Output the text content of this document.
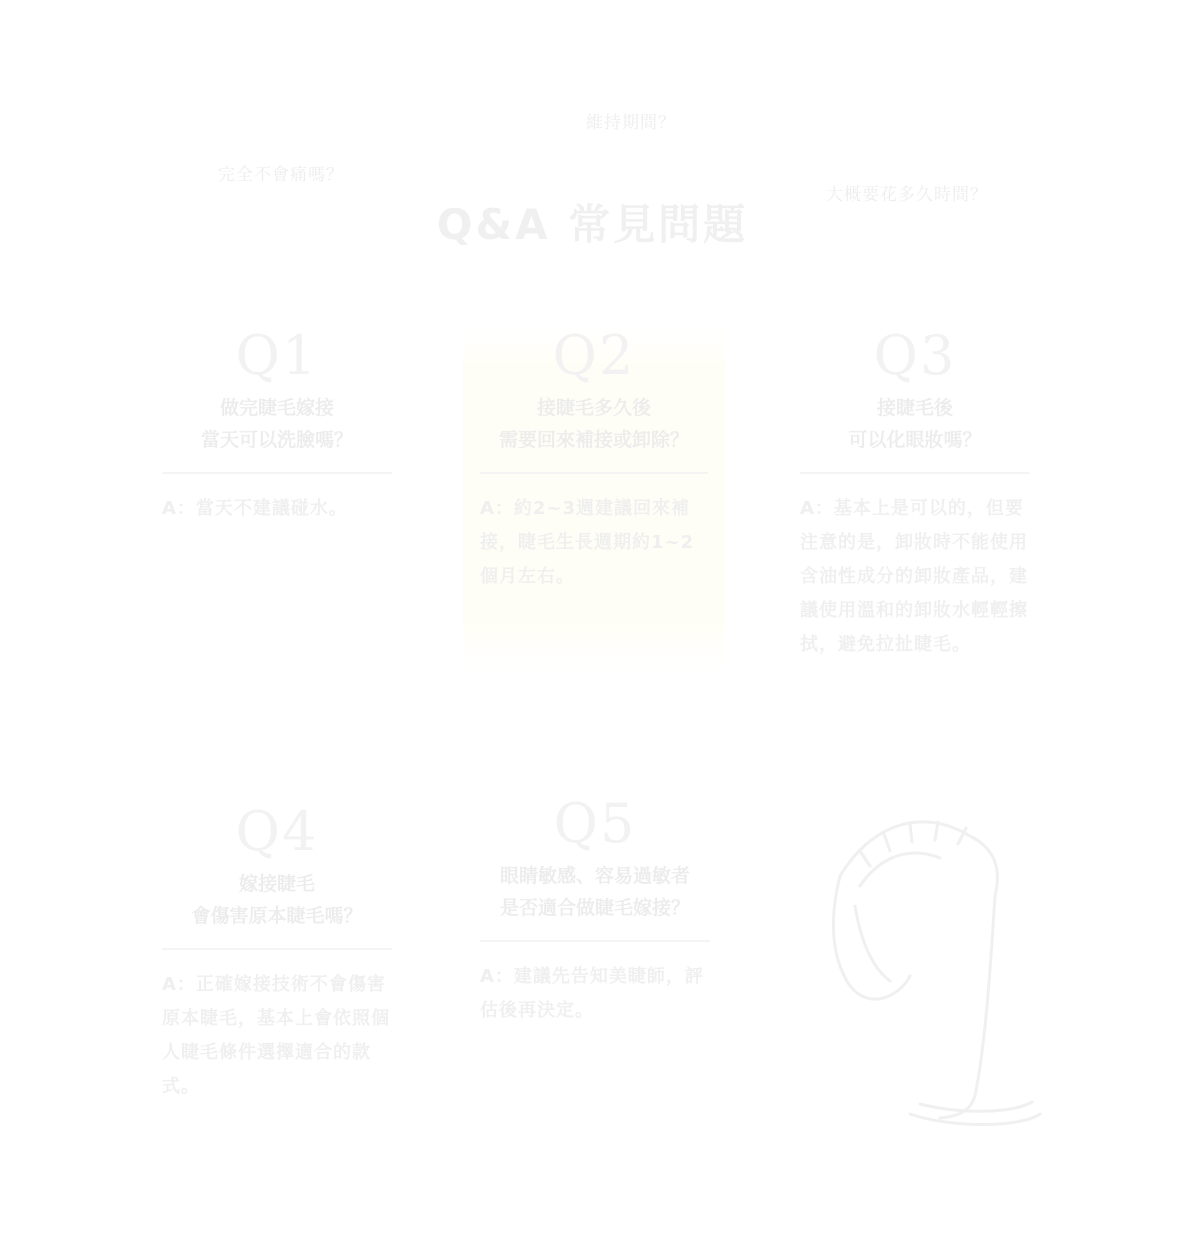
維持期間？
完全不會痛嗎？
大概要花多久時間？
Q&A 常見問題
Q1
做完睫毛嫁接
當天可以洗臉嗎？
A：當天不建議碰水。
Q2
接睫毛多久後
需要回來補接或卸除？
A：約2~3週建議回來補接，睫毛生長週期約1~2個月左右。
Q3
接睫毛後
可以化眼妝嗎？
A：基本上是可以的，但要注意的是，卸妝時不能使用含油性成分的卸妝產品，建議使用溫和的卸妝水輕輕擦拭，避免拉扯睫毛。
Q4
嫁接睫毛
會傷害原本睫毛嗎？
A：正確嫁接技術不會傷害原本睫毛，基本上會依照個人睫毛條件選擇適合的款式。
Q5
眼睛敏感、容易過敏者
是否適合做睫毛嫁接？
A：建議先告知美睫師，評估後再決定。
